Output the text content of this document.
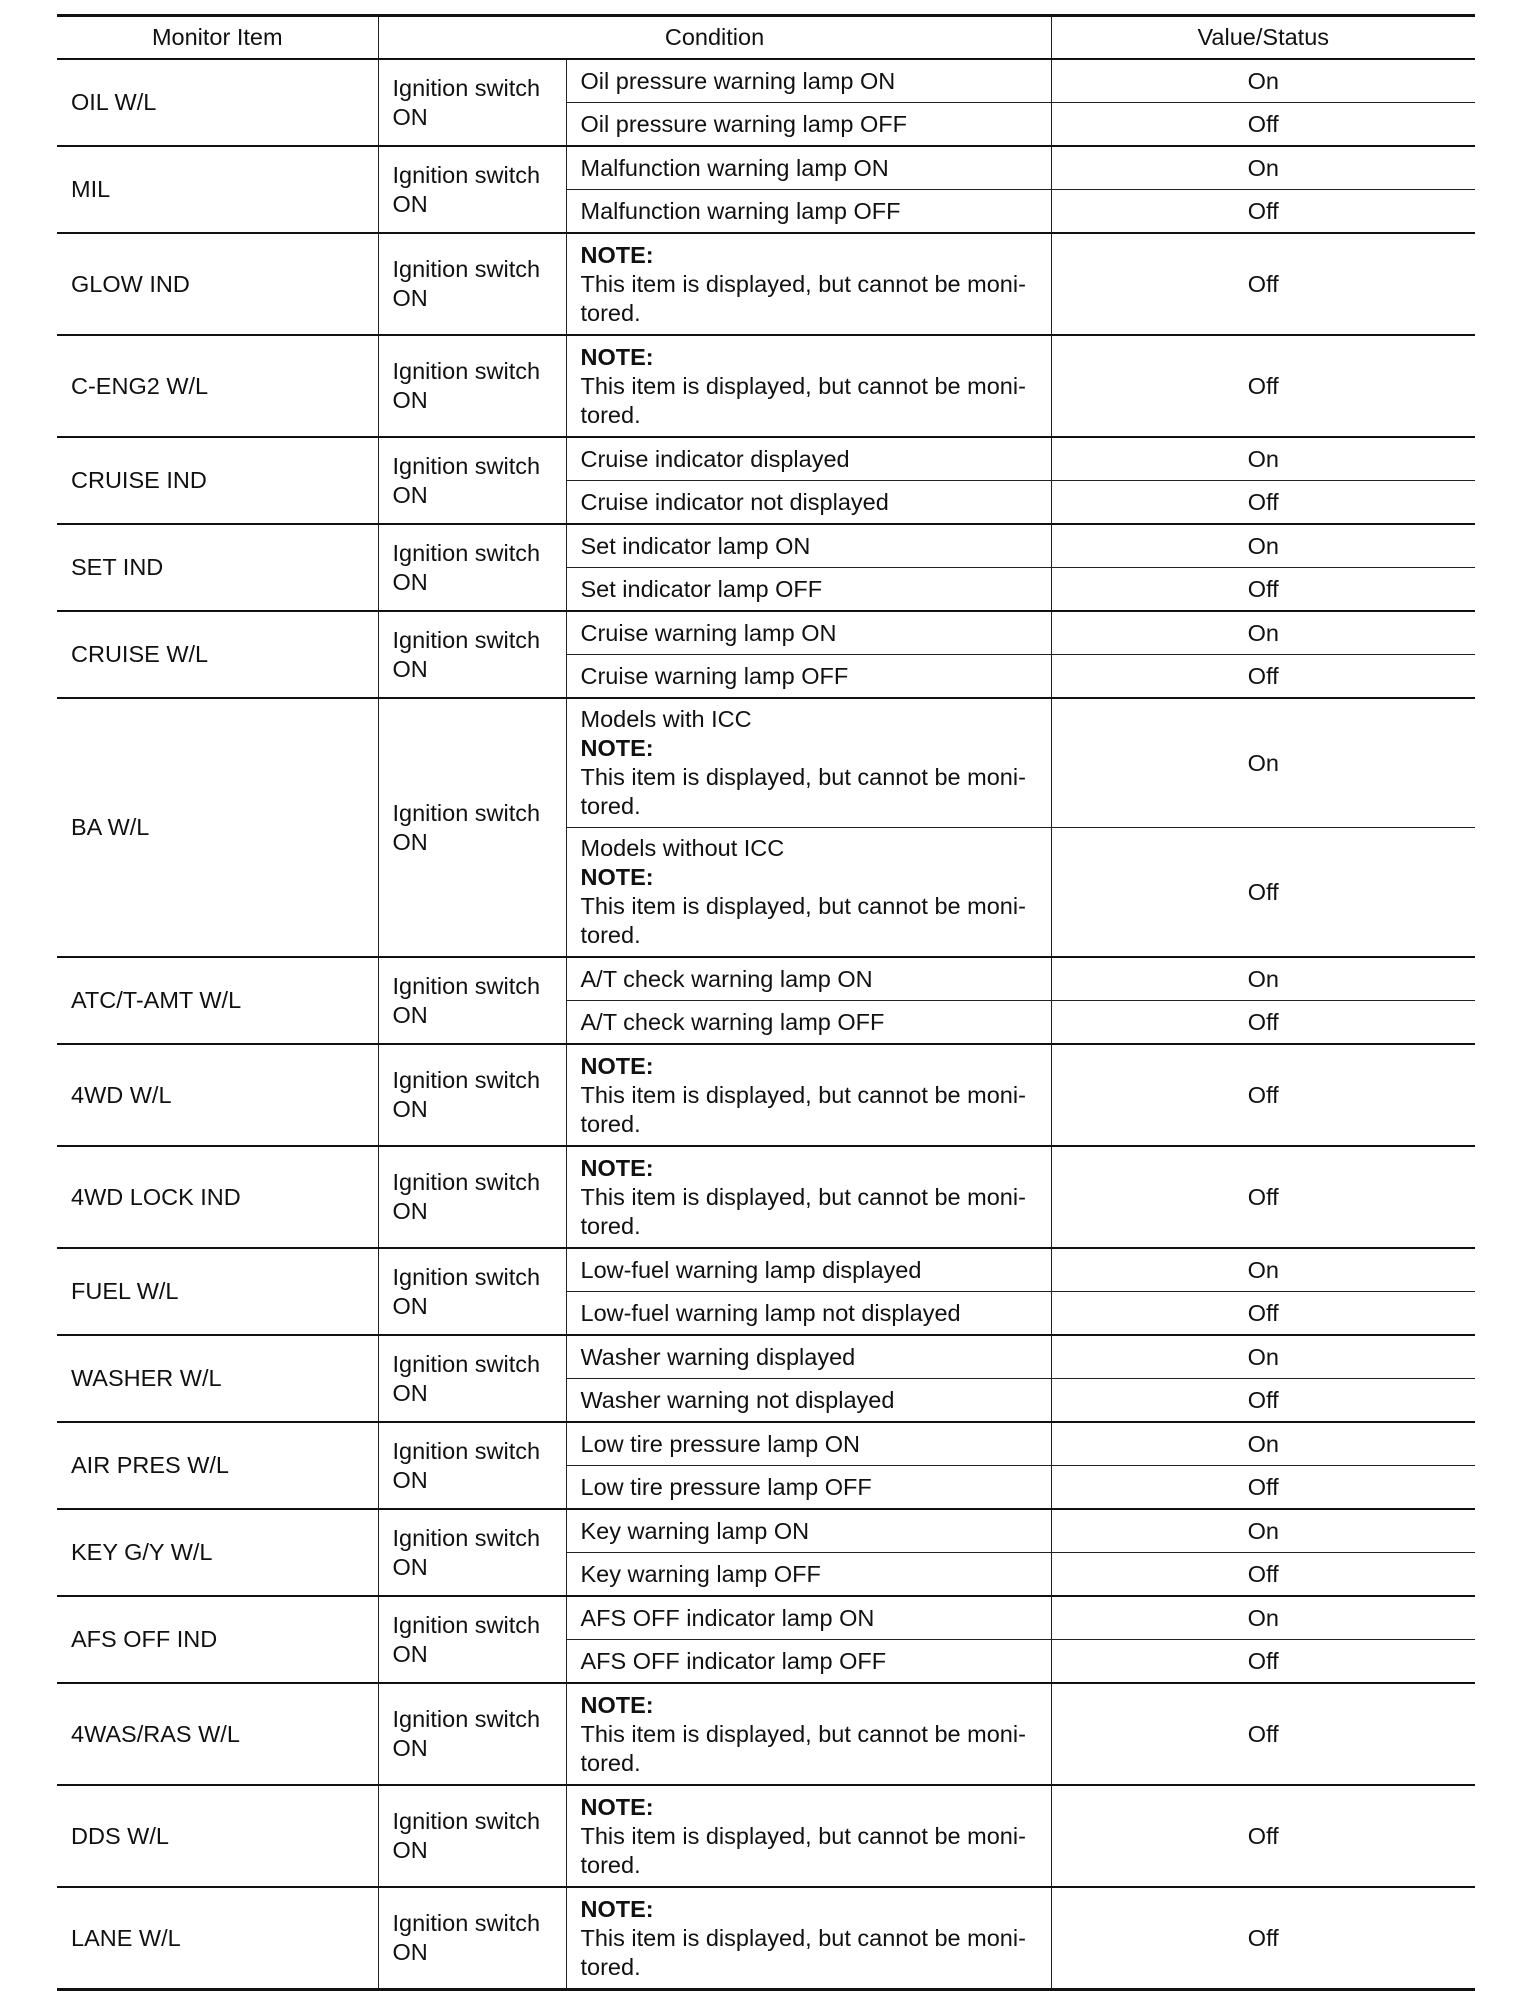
Monitor Item	Condition		Value/Status
OIL W/L	Ignition switch ON	Oil pressure warning lamp ON	On
		Oil pressure warning lamp OFF	Off
MIL	Ignition switch ON	Malfunction warning lamp ON	On
		Malfunction warning lamp OFF	Off
GLOW IND	Ignition switch ON	NOTE:
This item is displayed, but cannot be moni-tored.	Off
C-ENG2 W/L	Ignition switch ON	NOTE:
This item is displayed, but cannot be moni-tored.	Off
CRUISE IND	Ignition switch ON	Cruise indicator displayed	On
		Cruise indicator not displayed	Off
SET IND	Ignition switch ON	Set indicator lamp ON	On
		Set indicator lamp OFF	Off
CRUISE W/L	Ignition switch ON	Cruise warning lamp ON	On
		Cruise warning lamp OFF	Off
BA W/L	Ignition switch ON	Models with ICC
NOTE:
This item is displayed, but cannot be moni-tored.	On

		Models without ICC
NOTE:
This item is displayed, but cannot be moni-tored.	Off
ATC/T-AMT W/L	Ignition switch ON	A/T check warning lamp ON	On
		A/T check warning lamp OFF	Off
4WD W/L	Ignition switch ON	NOTE:
This item is displayed, but cannot be moni-tored.	Off
4WD LOCK IND	Ignition switch ON	NOTE:
This item is displayed, but cannot be moni-tored.	Off
FUEL W/L	Ignition switch ON	Low-fuel warning lamp displayed	On
		Low-fuel warning lamp not displayed	Off
WASHER W/L	Ignition switch ON	Washer warning displayed	On
		Washer warning not displayed	Off
AIR PRES W/L	Ignition switch ON	Low tire pressure lamp ON	On
		Low tire pressure lamp OFF	Off
KEY G/Y W/L	Ignition switch ON	Key warning lamp ON	On
		Key warning lamp OFF	Off
AFS OFF IND	Ignition switch ON	AFS OFF indicator lamp ON	On
		AFS OFF indicator lamp OFF	Off
4WAS/RAS W/L	Ignition switch ON	NOTE:
This item is displayed, but cannot be moni-tored.	Off
DDS W/L	Ignition switch ON	NOTE:
This item is displayed, but cannot be moni-tored.	Off
LANE W/L	Ignition switch ON	NOTE:
This item is displayed, but cannot be moni-tored.	Off
